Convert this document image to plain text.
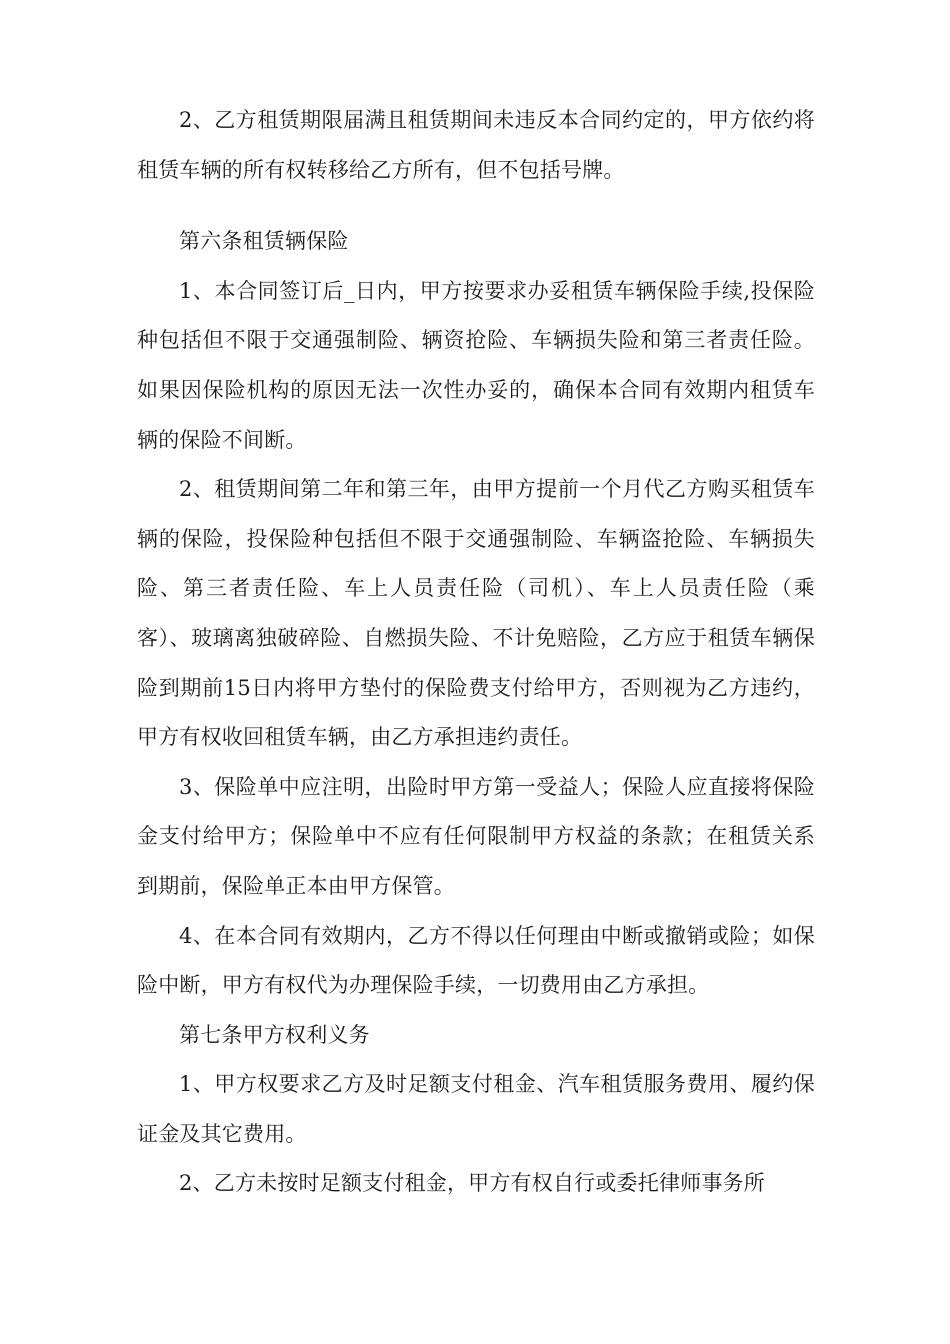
2、乙方租赁期限届满且租赁期间未违反本合同约定的，甲方依约将租赁车辆的所有权转移给乙方所有，但不包括号牌。

第六条租赁辆保险

1、本合同签订后_日内，甲方按要求办妥租赁车辆保险手续,投保险种包括但不限于交通强制险、辆资抢险、车辆损失险和第三者责任险。如果因保险机构的原因无法一次性办妥的，确保本合同有效期内租赁车辆的保险不间断。

2、租赁期间第二年和第三年，由甲方提前一个月代乙方购买租赁车辆的保险，投保险种包括但不限于交通强制险、车辆盗抢险、车辆损失险、第三者责任险、车上人员责任险（司机）、车上人员责任险（乘客）、玻璃离独破碎险、自燃损失险、不计免赔险，乙方应于租赁车辆保险到期前15日内将甲方垫付的保险费支付给甲方，否则视为乙方违约，甲方有权收回租赁车辆，由乙方承担违约责任。

3、保险单中应注明，出险时甲方第一受益人；保险人应直接将保险金支付给甲方；保险单中不应有任何限制甲方权益的条款；在租赁关系到期前，保险单正本由甲方保管。

4、在本合同有效期内，乙方不得以任何理由中断或撤销或险；如保险中断，甲方有权代为办理保险手续，一切费用由乙方承担。

第七条甲方权利义务

1、甲方权要求乙方及时足额支付租金、汽车租赁服务费用、履约保证金及其它费用。

2、乙方未按时足额支付租金，甲方有权自行或委托律师事务所
